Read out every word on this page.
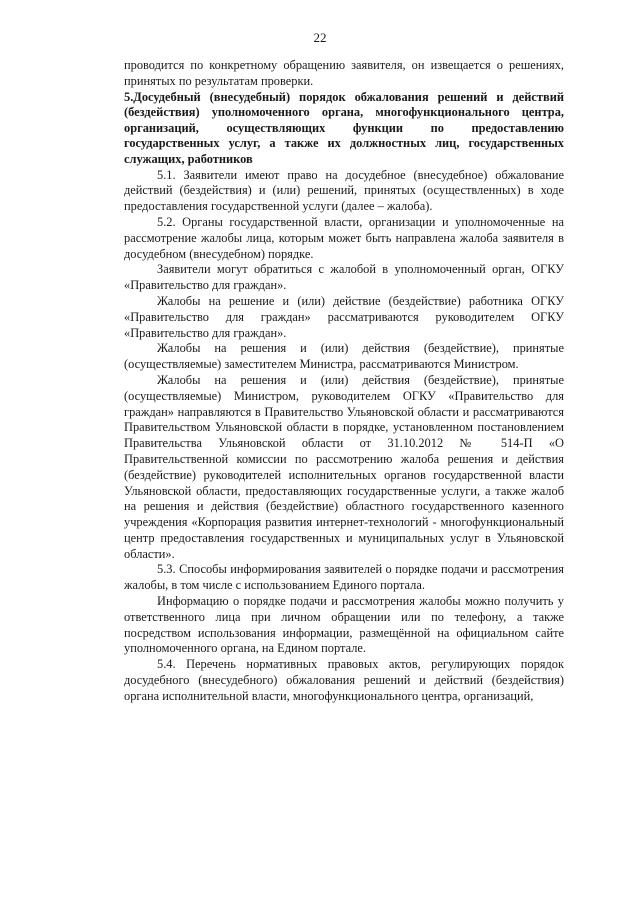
22

проводится по конкретному обращению заявителя, он извещается о решениях, принятых по результатам проверки.

5.Досудебный (внесудебный) порядок обжалования решений и действий (бездействия) уполномоченного органа, многофункционального центра, организаций, осуществляющих функции по предоставлению государственных услуг, а также их должностных лиц, государственных служащих, работников

5.1. Заявители имеют право на досудебное (внесудебное) обжалование действий (бездействия) и (или) решений, принятых (осуществленных) в ходе предоставления государственной услуги (далее – жалоба).

5.2. Органы государственной власти, организации и уполномоченные на рассмотрение жалобы лица, которым может быть направлена жалоба заявителя в досудебном (внесудебном) порядке.

Заявители могут обратиться с жалобой в уполномоченный орган, ОГКУ «Правительство для граждан».

Жалобы на решение и (или) действие (бездействие) работника ОГКУ «Правительство для граждан» рассматриваются руководителем ОГКУ «Правительство для граждан».

Жалобы на решения и (или) действия (бездействие), принятые (осуществляемые) заместителем Министра, рассматриваются Министром.

Жалобы на решения и (или) действия (бездействие), принятые (осуществляемые) Министром, руководителем ОГКУ «Правительство для граждан» направляются в Правительство Ульяновской области и рассматриваются Правительством Ульяновской области в порядке, установленном постановлением Правительства Ульяновской области от 31.10.2012 № 514-П «О Правительственной комиссии по рассмотрению жалоба решения и действия (бездействие) руководителей исполнительных органов государственной власти Ульяновской области, предоставляющих государственные услуги, а также жалоб на решения и действия (бездействие) областного государственного казенного учреждения «Корпорация развития интернет-технологий - многофункциональный центр предоставления государственных и муниципальных услуг в Ульяновской области».

5.3. Способы информирования заявителей о порядке подачи и рассмотрения жалобы, в том числе с использованием Единого портала.

Информацию о порядке подачи и рассмотрения жалобы можно получить у ответственного лица при личном обращении или по телефону, а также посредством использования информации, размещённой на официальном сайте уполномоченного органа, на Едином портале.

5.4. Перечень нормативных правовых актов, регулирующих порядок досудебного (внесудебного) обжалования решений и действий (бездействия) органа исполнительной власти, многофункционального центра, организаций,
